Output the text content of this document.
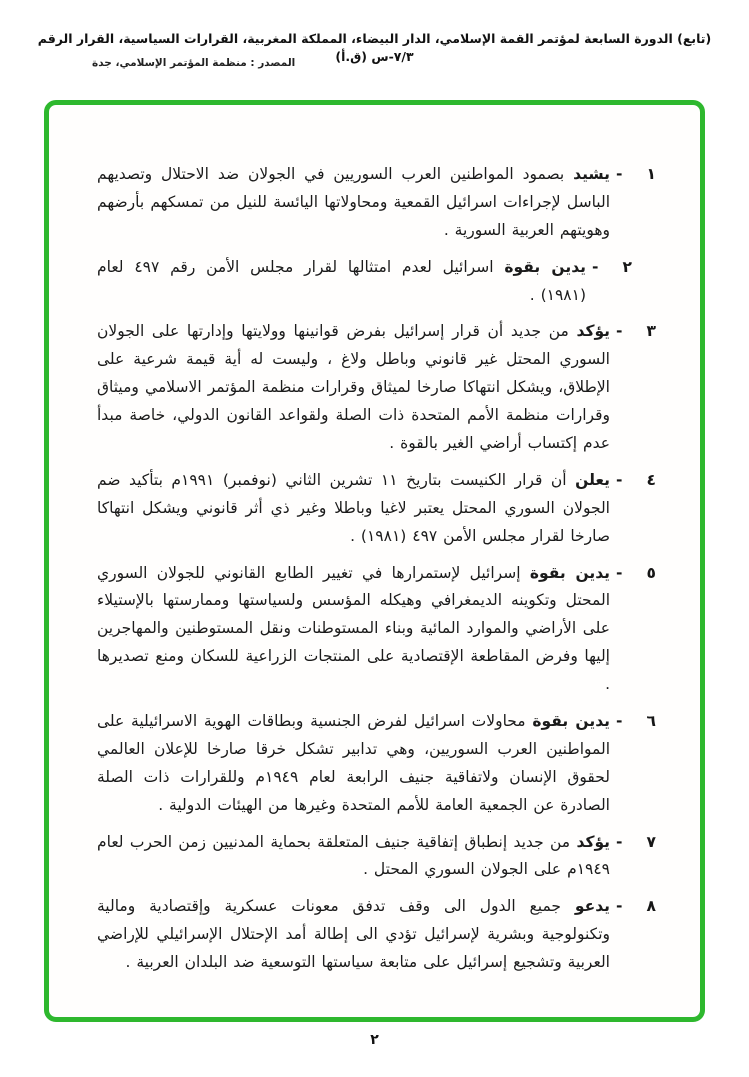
(تابع) الدورة السابعة لمؤتمر القمة الإسلامي، الدار البيضاء، المملكة المغربية، القرارات السياسية، القرار الرقم ٧/٣-س (ق.أ)
المصدر : منظمة المؤتمر الإسلامي، جدة
١
-

يشيد بصمود المواطنين العرب السوريين في الجولان ضد الاحتلال وتصديهم الباسل لإجراءات اسرائيل القمعية ومحاولاتها اليائسة للنيل من تمسكهم بأرضهم وهويتهم العربية السورية .

٢
-

يدين بقوة اسرائيل لعدم امتثالها لقرار مجلس الأمن رقم ٤٩٧ لعام (١٩٨١) .

٣
-

يؤكد من جديد أن قرار إسرائيل بفرض قوانينها وولايتها وإدارتها على الجولان السوري المحتل غير قانوني وباطل ولاغ ، وليست له أية قيمة شرعية على الإطلاق، ويشكل انتهاكا صارخا لميثاق وقرارات منظمة المؤتمر الاسلامي وميثاق وقرارات منظمة الأمم المتحدة ذات الصلة ولقواعد القانون الدولي، خاصة مبدأ عدم إكتساب أراضي الغير بالقوة .

٤
-

يعلن أن قرار الكنيست بتاريخ ١١ تشرين الثاني (نوفمبر) ١٩٩١م بتأكيد ضم الجولان السوري المحتل يعتبر لاغيا وباطلا وغير ذي أثر قانوني ويشكل انتهاكا صارخا لقرار مجلس الأمن ٤٩٧ (١٩٨١) .

٥
-

يدين بقوة إسرائيل لإستمرارها في تغيير الطابع القانوني للجولان السوري المحتل وتكوينه الديمغرافي وهيكله المؤسس ولسياستها وممارستها بالإستيلاء على الأراضي والموارد المائية وبناء المستوطنات ونقل المستوطنين والمهاجرين إليها وفرض المقاطعة الإقتصادية على المنتجات الزراعية للسكان ومنع تصديرها .

٦
-

يدين بقوة محاولات اسرائيل لفرض الجنسية وبطاقات الهوية الاسرائيلية على المواطنين العرب السوريين، وهي تدابير تشكل خرقا صارخا للإعلان العالمي لحقوق الإنسان ولاتفاقية جنيف الرابعة لعام ١٩٤٩م وللقرارات ذات الصلة الصادرة عن الجمعية العامة للأمم المتحدة وغيرها من الهيئات الدولية .

٧
-

يؤكد من جديد إنطباق إتفاقية جنيف المتعلقة بحماية المدنيين زمن الحرب لعام ١٩٤٩م على الجولان السوري المحتل .

٨
-

يدعو جميع الدول الى وقف تدفق معونات عسكرية وإقتصادية ومالية وتكنولوجية وبشرية لإسرائيل تؤدي الى إطالة أمد الإحتلال الإسرائيلي للإراضي العربية وتشجيع إسرائيل على متابعة سياستها التوسعية ضد البلدان العربية .

٢
